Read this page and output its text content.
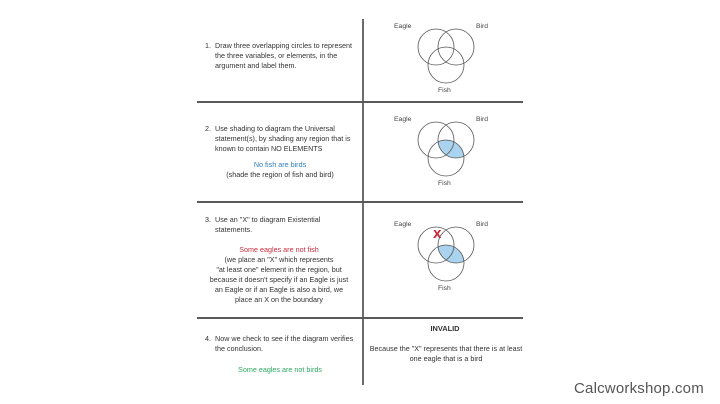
1. Draw three overlapping circles to represent the three variables, or elements, in the argument and label them.
2. Use shading to diagram the Universal statement(s), by shading any region that is known to contain NO ELEMENTS
No fish are birds
(shade the region of fish and bird)
3. Use an "X" to diagram Existential statements.
Some eagles are not fish
(we place an "X" which represents
"at least one" element in the region, but
because it doesn't specify if an Eagle is just
an Eagle or if an Eagle is also a bird, we
place an X on the boundary
4. Now we check to see if the diagram verifies the conclusion.
Some eagles are not birds
Eagle	Bird
Fish
Eagle	Bird
Fish
Eagle	Bird
Fish
X
INVALID
Because the "X" represents that there is at least one eagle that is a bird
Calcworkshop.com
